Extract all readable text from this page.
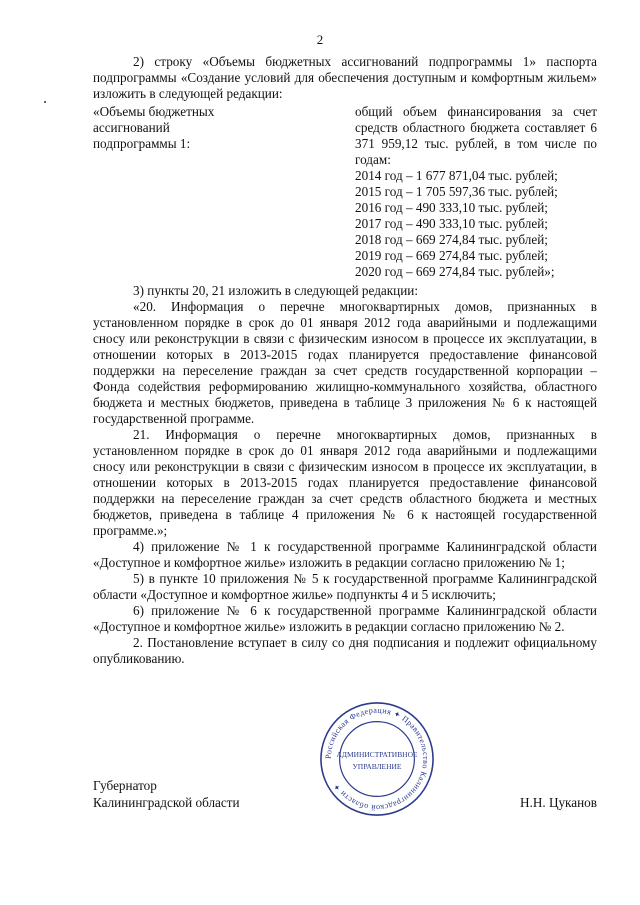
2

2) строку «Объемы бюджетных ассигнований подпрограммы 1» паспорта подпрограммы «Создание условий для обеспечения доступным и комфортным жильем» изложить в следующей редакции:

«Объемы бюджетных
ассигнований
подпрограммы 1:
общий объем финансирования за счет средств областного бюджета составляет 6 371 959,12 тыс. рублей, в том числе по годам:
2014 год – 1 677 871,04 тыс. рублей;
2015 год – 1 705 597,36 тыс. рублей;
2016 год – 490 333,10 тыс. рублей;
2017 год – 490 333,10 тыс. рублей;
2018 год – 669 274,84 тыс. рублей;
2019 год – 669 274,84 тыс. рублей;
2020 год – 669 274,84 тыс. рублей»;

3) пункты 20, 21 изложить в следующей редакции:

«20. Информация о перечне многоквартирных домов, признанных в установленном порядке в срок до 01 января 2012 года аварийными и подлежащими сносу или реконструкции в связи с физическим износом в процессе их эксплуатации, в отношении которых в 2013-2015 годах планируется предоставление финансовой поддержки на переселение граждан за счет средств государственной корпорации – Фонда содействия реформированию жилищно-коммунального хозяйства, областного бюджета и местных бюджетов, приведена в таблице 3 приложения № 6 к настоящей государственной программе.

21. Информация о перечне многоквартирных домов, признанных в установленном порядке в срок до 01 января 2012 года аварийными и подлежащими сносу или реконструкции в связи с физическим износом в процессе их эксплуатации, в отношении которых в 2013-2015 годах планируется предоставление финансовой поддержки на переселение граждан за счет средств областного бюджета и местных бюджетов, приведена в таблице 4 приложения № 6 к настоящей государственной программе.»;

4) приложение № 1 к государственной программе Калининградской области «Доступное и комфортное жилье» изложить в редакции согласно приложению № 1;

5) в пункте 10 приложения № 5 к государственной программе Калининградской области «Доступное и комфортное жилье» подпункты 4 и 5 исключить;

6) приложение № 6 к государственной программе Калининградской области «Доступное и комфортное жилье» изложить в редакции согласно приложению № 2.

2. Постановление вступает в силу со дня подписания и подлежит официальному опубликованию.

Российская Федерация ✦ Правительство Калининградской области ✦
АДМИНИСТРАТИВНОЕ
УПРАВЛЕНИЕ
Губернатор
Калининградской области	Н.Н. Цуканов
